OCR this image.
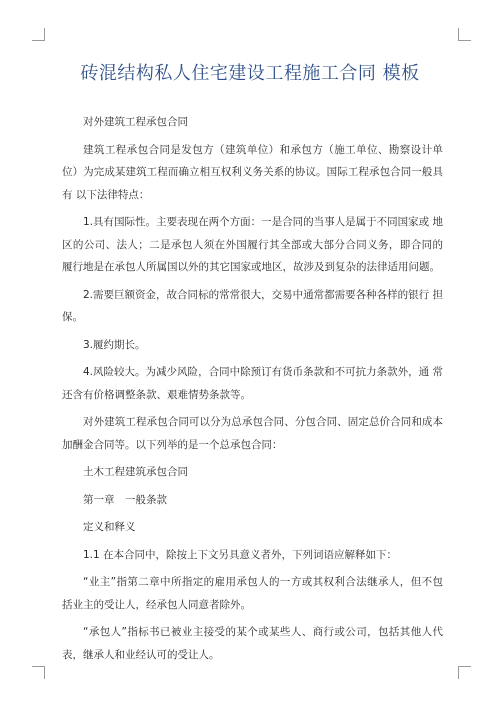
砖混结构私人住宅建设工程施工合同 模板

对外建筑工程承包合同

建筑工程承包合同是发包方（建筑单位）和承包方（施工单位、勘察设计单位）为完成某建筑工程而确立相互权利义务关系的协议。国际工程承包合同一般具有 以下法律特点：

1.具有国际性。主要表现在两个方面：一是合同的当事人是属于不同国家或 地区的公司、法人；二是承包人须在外国履行其全部或大部分合同义务，即合同的 履行地是在承包人所属国以外的其它国家或地区，故涉及到复杂的法律适用问题。

2.需要巨额资金，故合同标的常常很大，交易中通常都需要各种各样的银行 担保。

3.履约期长。

4.风险较大。为减少风险，合同中除预订有货币条款和不可抗力条款外，通 常还含有价格调整条款、艰难情势条款等。

对外建筑工程承包合同可以分为总承包合同、分包合同、固定总价合同和成本 加酬金合同等。以下列举的是一个总承包合同：

土木工程建筑承包合同

第一章　一般条款

定义和释义

1.1 在本合同中，除按上下文另具意义者外，下列词语应解释如下：

“业主”指第二章中所指定的雇用承包人的一方或其权利合法继承人，但不包 括业主的受让人，经承包人同意者除外。

“承包人”指标书已被业主接受的某个或某些人、商行或公司，包括其他人代 表，继承人和业经认可的受让人。
